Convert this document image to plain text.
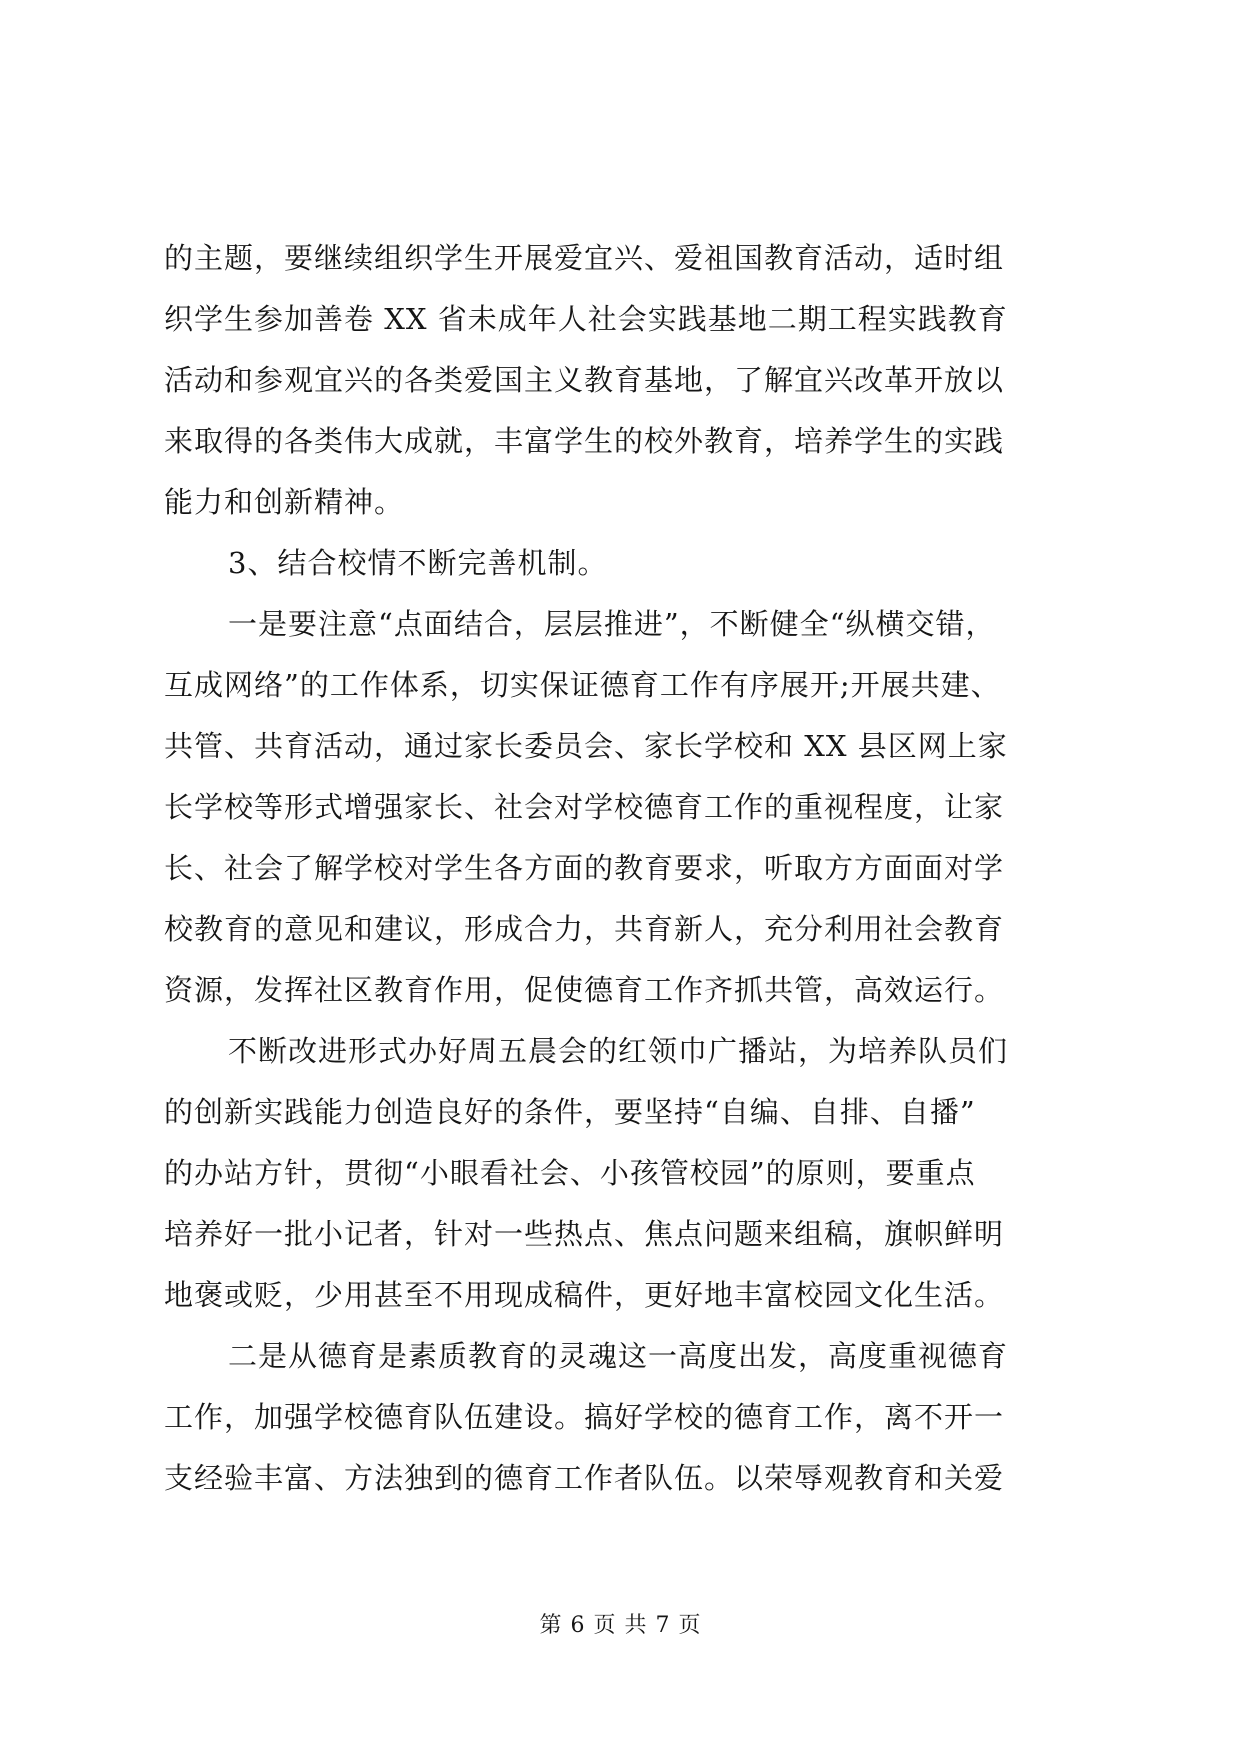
的主题，要继续组织学生开展爱宜兴、爱祖国教育活动，适时组
织学生参加善卷 XX 省未成年人社会实践基地二期工程实践教育
活动和参观宜兴的各类爱国主义教育基地，了解宜兴改革开放以
来取得的各类伟大成就，丰富学生的校外教育，培养学生的实践
能力和创新精神。
3、结合校情不断完善机制。
一是要注意“点面结合，层层推进”，不断健全“纵横交错，
互成网络”的工作体系，切实保证德育工作有序展开;开展共建、
共管、共育活动，通过家长委员会、家长学校和 XX 县区网上家
长学校等形式增强家长、社会对学校德育工作的重视程度，让家
长、社会了解学校对学生各方面的教育要求，听取方方面面对学
校教育的意见和建议，形成合力，共育新人，充分利用社会教育
资源，发挥社区教育作用，促使德育工作齐抓共管，高效运行。
不断改进形式办好周五晨会的红领巾广播站，为培养队员们
的创新实践能力创造良好的条件，要坚持“自编、自排、自播”
的办站方针，贯彻“小眼看社会、小孩管校园”的原则，要重点
培养好一批小记者，针对一些热点、焦点问题来组稿，旗帜鲜明
地褒或贬，少用甚至不用现成稿件，更好地丰富校园文化生活。
二是从德育是素质教育的灵魂这一高度出发，高度重视德育
工作，加强学校德育队伍建设。搞好学校的德育工作，离不开一
支经验丰富、方法独到的德育工作者队伍。以荣辱观教育和关爱
第 6 页 共 7 页
